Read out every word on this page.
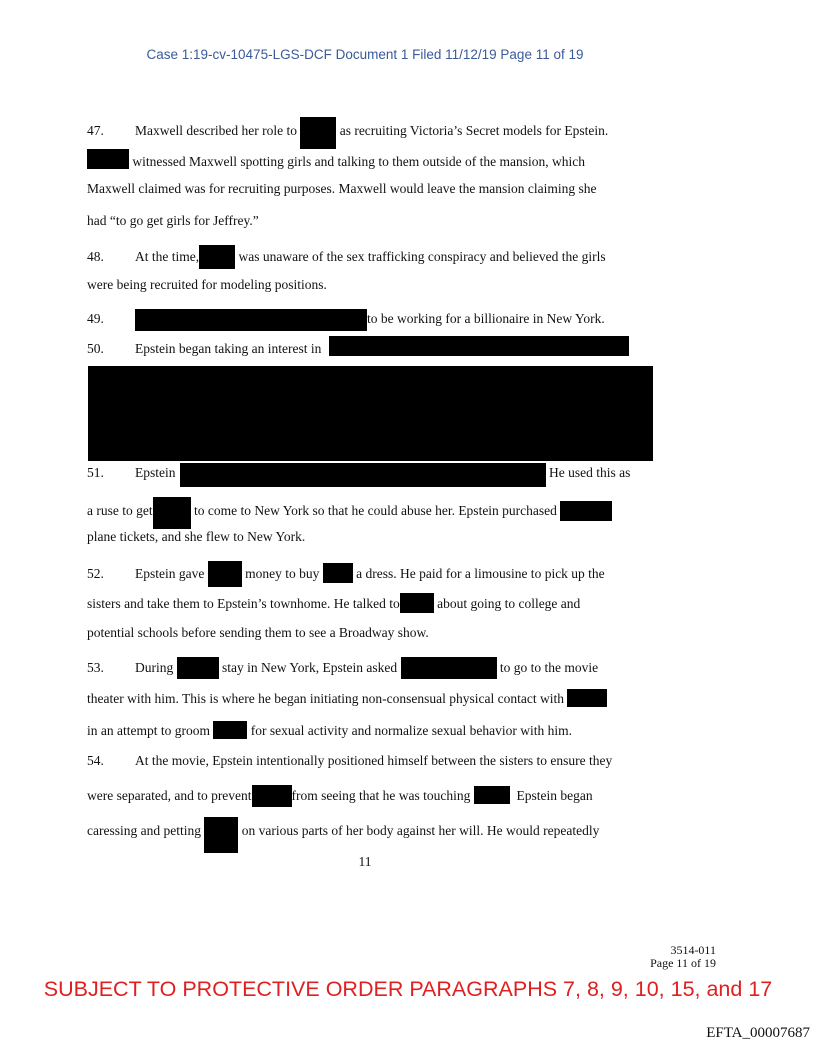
Case 1:19-cv-10475-LGS-DCF Document 1 Filed 11/12/19 Page 11 of 19
47. Maxwell described her role to	as recruiting Victoria’s Secret models for Epstein.
witnessed Maxwell spotting girls and talking to them outside of the mansion, which
Maxwell claimed was for recruiting purposes. Maxwell would leave the mansion claiming she
had “to go get girls for Jeffrey.”
48. At the time,	was unaware of the sex trafficking conspiracy and believed the girls
were being recruited for modeling positions.
49.	to be working for a billionaire in New York.
50. Epstein began taking an interest in
51. Epstein	He used this as
a ruse to get	to come to New York so that he could abuse her. Epstein purchased
plane tickets, and she flew to New York.
52. Epstein gave	money to buy	a dress. He paid for a limousine to pick up the
sisters and take them to Epstein’s townhome. He talked to	about going to college and
potential schools before sending them to see a Broadway show.
53. During	stay in New York, Epstein asked	to go to the movie
theater with him. This is where he began initiating non-consensual physical contact with
in an attempt to groom	for sexual activity and normalize sexual behavior with him.
54. At the movie, Epstein intentionally positioned himself between the sisters to ensure they
were separated, and to prevent	from seeing that he was touching	Epstein began
caressing and petting	on various parts of her body against her will. He would repeatedly
11
3514-011
Page 11 of 19
SUBJECT TO PROTECTIVE ORDER PARAGRAPHS 7, 8, 9, 10, 15, and 17
EFTA_00007687
